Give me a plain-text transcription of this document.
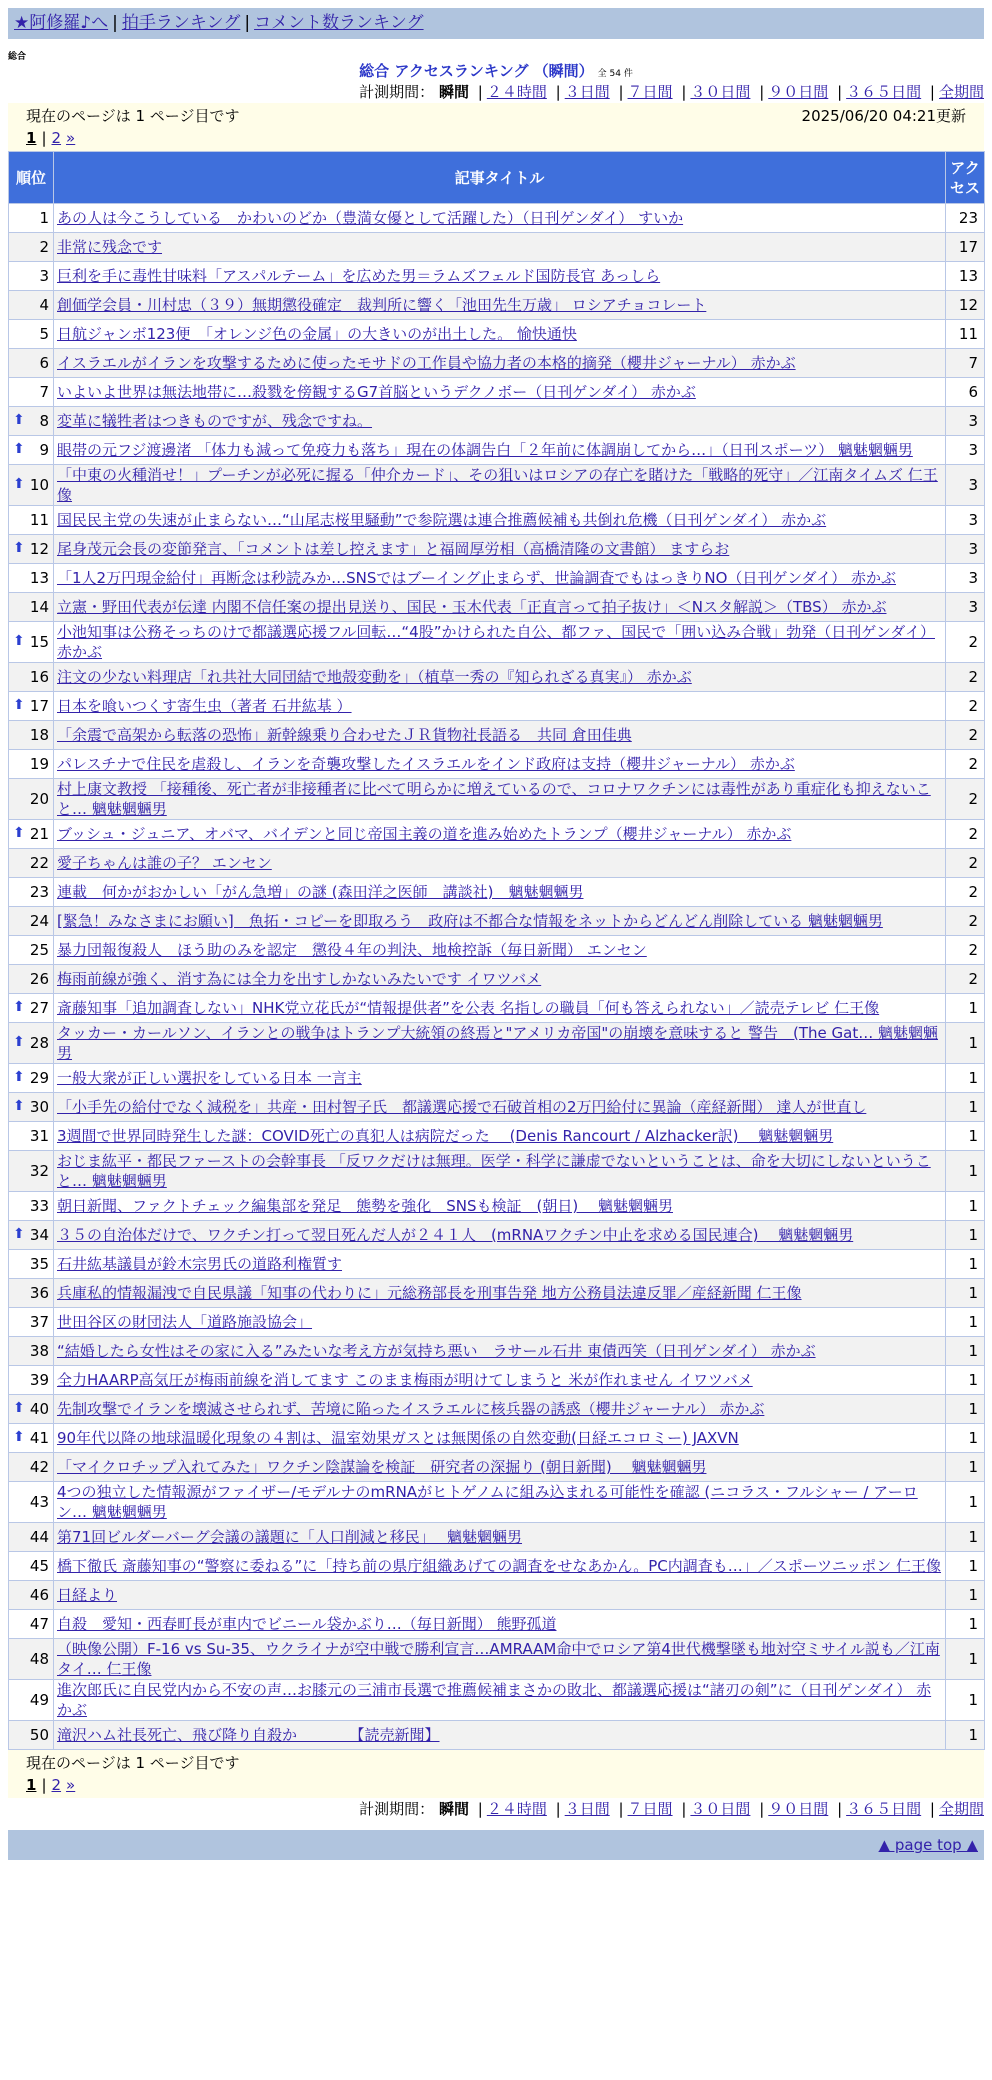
★阿修羅♪へ | 拍手ランキング | コメント数ランキング
総合
総合 アクセスランキング （瞬間） 全 54 件
計測期間： 瞬間 | ２４時間 | ３日間 | ７日間 | ３０日間 | ９０日間 | ３６５日間 | 全期間
現在のページは 1 ページ目です	2025/06/20 04:21更新
1 | 2 »
順位	記事タイトル	アクセス
1	あの人は今こうしている　かわいのどか（豊満女優として活躍した）（日刊ゲンダイ） すいか	23
2	非常に残念です	17
3	巨利を手に毒性甘味料「アスパルテーム」を広めた男＝ラムズフェルド国防長官 あっしら	13
4	創価学会員・川村忠（３９）無期懲役確定　裁判所に響く「池田先生万歳」 ロシアチョコレート	12
5	日航ジャンボ123便　「オレンジ色の金属」の大きいのが出土した。 愉快通快	11
6	イスラエルがイランを攻撃するために使ったモサドの工作員や協力者の本格的摘発（櫻井ジャーナル） 赤かぶ	7
7	いよいよ世界は無法地帯に…殺戮を傍観するG7首脳というデクノボー（日刊ゲンダイ） 赤かぶ	6

⬆ 8	変革に犠牲者はつきものですが、残念ですね。	3

⬆ 9	眼帯の元フジ渡邊渚 「体力も減って免疫力も落ち」現在の体調告白「２年前に体調崩してから…」（日刊スポーツ） 魑魅魍魎男	3

⬆ 10	「中東の火種消せ！」プーチンが必死に握る「仲介カード」、その狙いはロシアの存亡を賭けた「戦略的死守」／江南タイムズ 仁王像	3
11	国民民主党の失速が止まらない…“山尾志桜里騒動”で参院選は連合推薦候補も共倒れ危機（日刊ゲンダイ） 赤かぶ	3

⬆ 12	尾身茂元会長の変節発言、「コメントは差し控えます」と福岡厚労相（高橋清隆の文書館） ますらお	3
13	「1人2万円現金給付」再断念は秒読みか…SNSではブーイング止まらず、世論調査でもはっきりNO（日刊ゲンダイ） 赤かぶ	3
14	立憲・野田代表が伝達 内閣不信任案の提出見送り、国民・玉木代表「正直言って拍子抜け」＜Nスタ解説＞（TBS） 赤かぶ	3

⬆ 15	小池知事は公務そっちのけで都議選応援フル回転…“4股”かけられた自公、都ファ、国民で「囲い込み合戦」勃発（日刊ゲンダイ） 赤かぶ	2
16	注文の少ない料理店「れ共社大同団結で地殻変動を」（植草一秀の『知られざる真実』） 赤かぶ	2

⬆ 17	日本を喰いつくす寄生虫（著者 石井紘基 ）	2
18	「余震で高架から転落の恐怖」新幹線乗り合わせたＪＲ貨物社長語る　共同 倉田佳典	2
19	パレスチナで住民を虐殺し、イランを奇襲攻撃したイスラエルをインド政府は支持（櫻井ジャーナル） 赤かぶ	2
20	村上康文教授 「接種後、死亡者が非接種者に比べて明らかに増えているので、コロナワクチンには毒性があり重症化も抑えないこと… 魑魅魍魎男	2

⬆ 21	ブッシュ・ジュニア、オバマ、バイデンと同じ帝国主義の道を進み始めたトランプ（櫻井ジャーナル） 赤かぶ	2
22	愛子ちゃんは誰の子？ エンセン	2
23	連載　何かがおかしい「がん急増」の謎 (森田洋之医師　講談社)　魑魅魍魎男	2
24	[緊急！みなさまにお願い]　魚拓・コピーを即取ろう　政府は不都合な情報をネットからどんどん削除している 魑魅魍魎男	2
25	暴力団報復殺人　ほう助のみを認定　懲役４年の判決、地検控訴（毎日新聞） エンセン	2
26	梅雨前線が強く、消す為には全力を出すしかないみたいです イワツバメ	2

⬆ 27	斎藤知事「追加調査しない」NHK党立花氏が“情報提供者”を公表 名指しの職員「何も答えられない」／読売テレビ 仁王像	1

⬆ 28	タッカー・カールソン、イランとの戦争はトランプ大統領の終焉と"アメリカ帝国"の崩壊を意味すると 警告　(The Gat… 魑魅魍魎男	1

⬆ 29	一般大衆が正しい選択をしている日本 一言主	1

⬆ 30	「小手先の給付でなく減税を」共産・田村智子氏　都議選応援で石破首相の2万円給付に異論（産経新聞） 達人が世直し	1
31	3週間で世界同時発生した謎：COVID死亡の真犯人は病院だった　 (Denis Rancourt / Alzhacker訳)　 魑魅魍魎男	1
32	おじま紘平・都民ファーストの会幹事長 「反ワクだけは無理。医学・科学に謙虚でないということは、命を大切にしないということ… 魑魅魍魎男	1
33	朝日新聞、ファクトチェック編集部を発足　態勢を強化　SNSも検証　(朝日)　 魑魅魍魎男	1

⬆ 34	３５の自治体だけで、ワクチン打って翌日死んだ人が２４１人　(mRNAワクチン中止を求める国民連合)　 魑魅魍魎男	1
35	石井紘基議員が鈴木宗男氏の道路利権質す	1
36	兵庫私的情報漏洩で自民県議「知事の代わりに」元総務部長を刑事告発 地方公務員法違反罪／産経新聞 仁王像	1
37	世田谷区の財団法人「道路施設協会」	1
38	“結婚したら女性はその家に入る”みたいな考え方が気持ち悪い　ラサール石井 東債西笑（日刊ゲンダイ） 赤かぶ	1
39	全力HAARP高気圧が梅雨前線を消してます このまま梅雨が明けてしまうと 米が作れません イワツバメ	1

⬆ 40	先制攻撃でイランを壊滅させられず、苦境に陥ったイスラエルに核兵器の誘惑（櫻井ジャーナル） 赤かぶ	1

⬆ 41	90年代以降の地球温暖化現象の４割は、温室効果ガスとは無関係の自然変動(日経エコロミー) JAXVN	1
42	「マイクロチップ入れてみた」ワクチン陰謀論を検証　研究者の深掘り (朝日新聞)　 魑魅魍魎男	1
43	4つの独立した情報源がファイザー/モデルナのmRNAがヒトゲノムに組み込まれる可能性を確認 (ニコラス・フルシャー / アーロン… 魑魅魍魎男	1
44	第71回ビルダーバーグ会議の議題に「人口削減と移民」　 魑魅魍魎男	1
45	橋下徹氏 斎藤知事の“警察に委ねる”に「持ち前の県庁組織あげての調査をせなあかん。PC内調査も…」／スポーツニッポン 仁王像	1
46	日経より	1
47	自殺　愛知・西春町長が車内でビニール袋かぶり…（毎日新聞） 熊野孤道	1
48	（映像公開）F-16 vs Su-35、ウクライナが空中戦で勝利宣言…AMRAAM命中でロシア第4世代機撃墜も地対空ミサイル説も／江南タイ… 仁王像	1
49	進次郎氏に自民党内から不安の声…お膝元の三浦市長選で推薦候補まさかの敗北、都議選応援は“諸刃の剣”に（日刊ゲンダイ） 赤かぶ	1
50	滝沢ハム社長死亡、飛び降り自殺か　　　　【読売新聞】	1
現在のページは 1 ページ目です
1 | 2 »
計測期間： 瞬間 | ２４時間 | ３日間 | ７日間 | ３０日間 | ９０日間 | ３６５日間 | 全期間
▲ page top ▲
